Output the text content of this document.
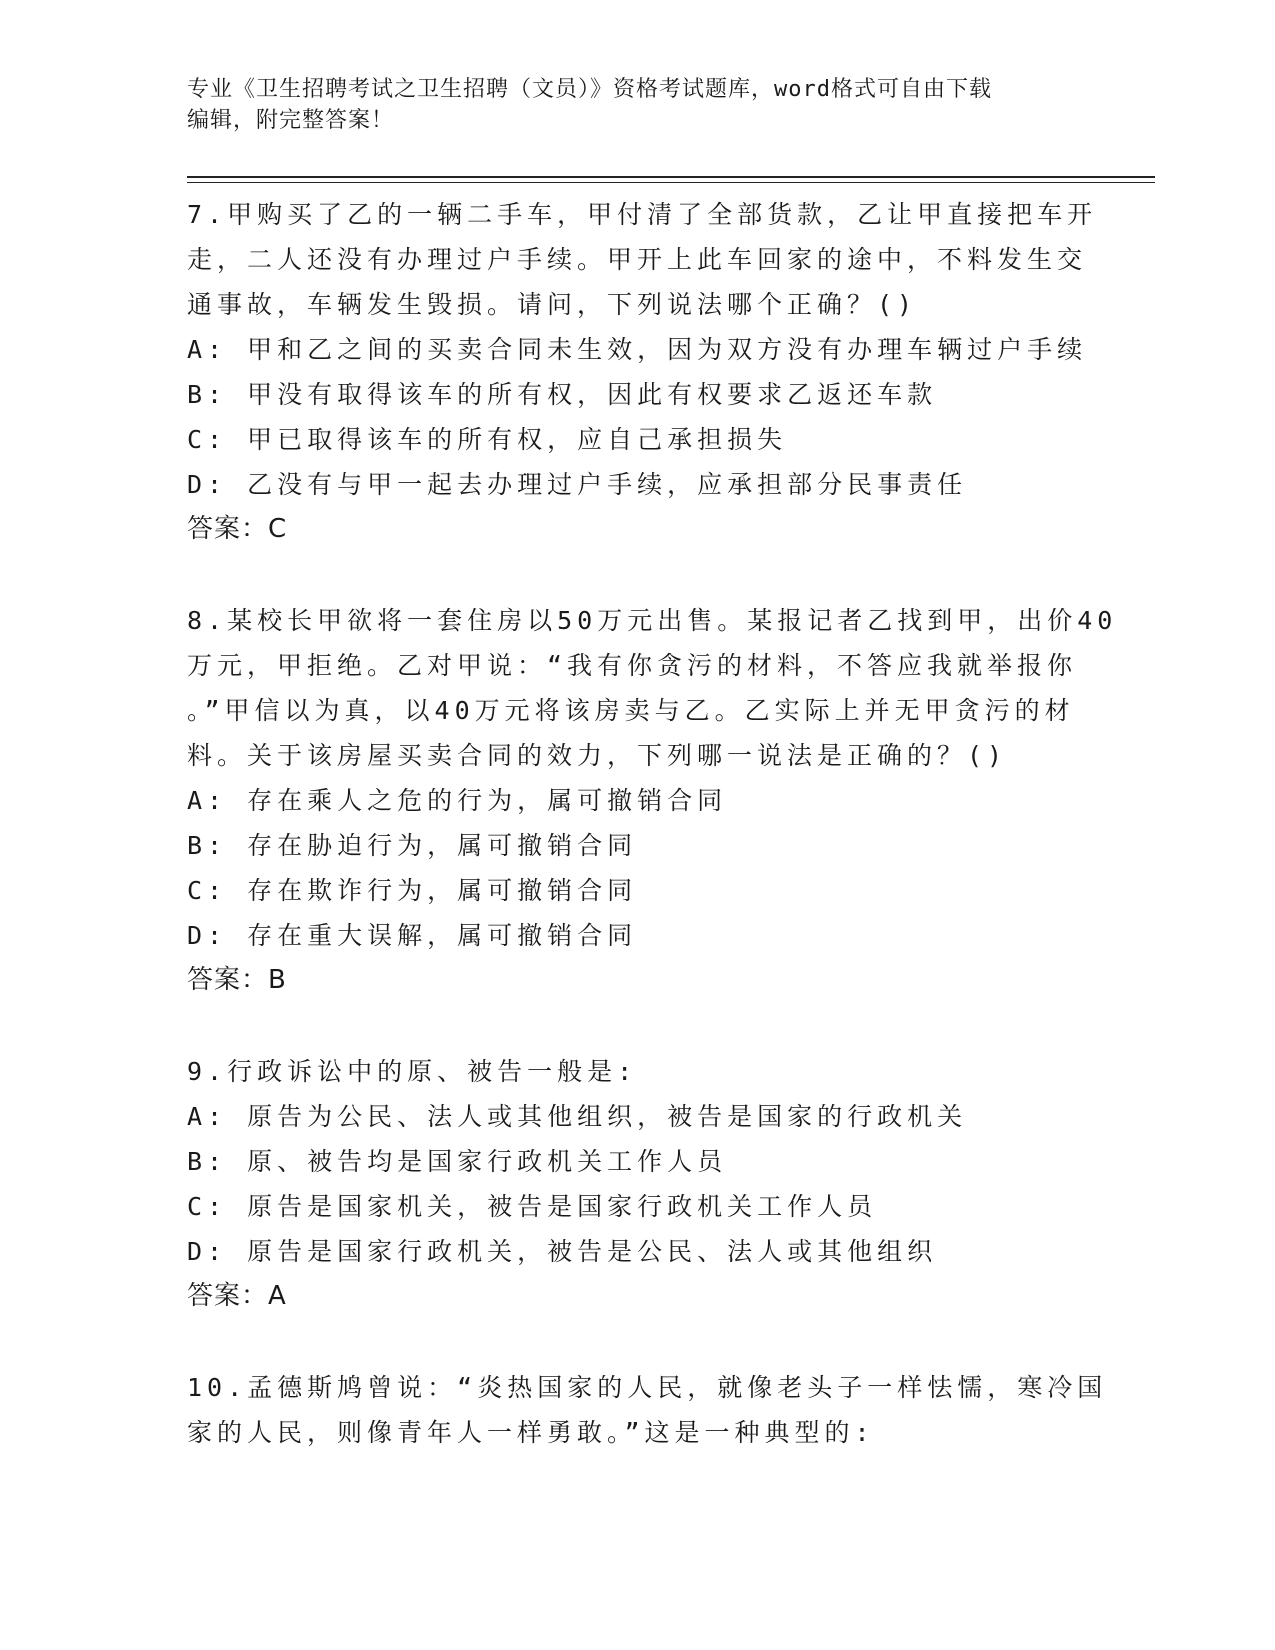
专业《卫生招聘考试之卫生招聘（文员）》资格考试题库，word格式可自由下载
编辑，附完整答案！
7.甲购买了乙的一辆二手车，甲付清了全部货款，乙让甲直接把车开
走，二人还没有办理过户手续。甲开上此车回家的途中，不料发生交
通事故，车辆发生毁损。请问，下列说法哪个正确？()
A: 甲和乙之间的买卖合同未生效，因为双方没有办理车辆过户手续
B: 甲没有取得该车的所有权，因此有权要求乙返还车款
C: 甲已取得该车的所有权，应自己承担损失
D: 乙没有与甲一起去办理过户手续，应承担部分民事责任
答案：C
8.某校长甲欲将一套住房以50万元出售。某报记者乙找到甲，出价40
万元，甲拒绝。乙对甲说：“我有你贪污的材料，不答应我就举报你
。”甲信以为真，以40万元将该房卖与乙。乙实际上并无甲贪污的材
料。关于该房屋买卖合同的效力，下列哪一说法是正确的？()
A: 存在乘人之危的行为，属可撤销合同
B: 存在胁迫行为，属可撤销合同
C: 存在欺诈行为，属可撤销合同
D: 存在重大误解，属可撤销合同
答案：B
9.行政诉讼中的原、被告一般是:
A: 原告为公民、法人或其他组织，被告是国家的行政机关
B: 原、被告均是国家行政机关工作人员
C: 原告是国家机关，被告是国家行政机关工作人员
D: 原告是国家行政机关，被告是公民、法人或其他组织
答案：A
10.孟德斯鸠曾说：“炎热国家的人民，就像老头子一样怯懦，寒冷国
家的人民，则像青年人一样勇敢。”这是一种典型的:
